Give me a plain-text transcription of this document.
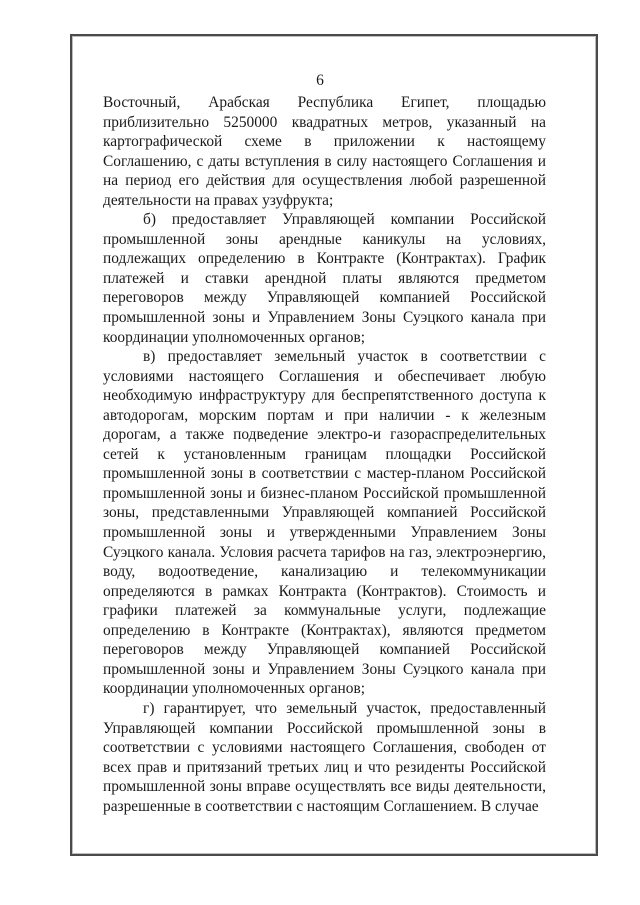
6

Восточный, Арабская Республика Египет, площадью приблизительно 5250000 квадратных метров, указанный на картографической схеме в приложении к настоящему Соглашению, с даты вступления в силу настоящего Соглашения и на период его действия для осуществления любой разрешенной деятельности на правах узуфрукта;

б) предоставляет Управляющей компании Российской промышленной зоны арендные каникулы на условиях, подлежащих определению в Контракте (Контрактах). График платежей и ставки арендной платы являются предметом переговоров между Управляющей компанией Российской промышленной зоны и Управлением Зоны Суэцкого канала при координации уполномоченных органов;

в) предоставляет земельный участок в соответствии с условиями настоящего Соглашения и обеспечивает любую необходимую инфраструктуру для беспрепятственного доступа к автодорогам, морским портам и при наличии - к железным дорогам, а также подведение электро-и газораспределительных сетей к установленным границам площадки Российской промышленной зоны в соответствии с мастер-планом Российской промышленной зоны и бизнес-планом Российской промышленной зоны, представленными Управляющей компанией Российской промышленной зоны и утвержденными Управлением Зоны Суэцкого канала. Условия расчета тарифов на газ, электроэнергию, воду, водоотведение, канализацию и телекоммуникации определяются в рамках Контракта (Контрактов). Стоимость и графики платежей за коммунальные услуги, подлежащие определению в Контракте (Контрактах), являются предметом переговоров между Управляющей компанией Российской промышленной зоны и Управлением Зоны Суэцкого канала при координации уполномоченных органов;

г) гарантирует, что земельный участок, предоставленный Управляющей компании Российской промышленной зоны в соответствии с условиями настоящего Соглашения, свободен от всех прав и притязаний третьих лиц и что резиденты Российской промышленной зоны вправе осуществлять все виды деятельности, разрешенные в соответствии с настоящим Соглашением. В случае
